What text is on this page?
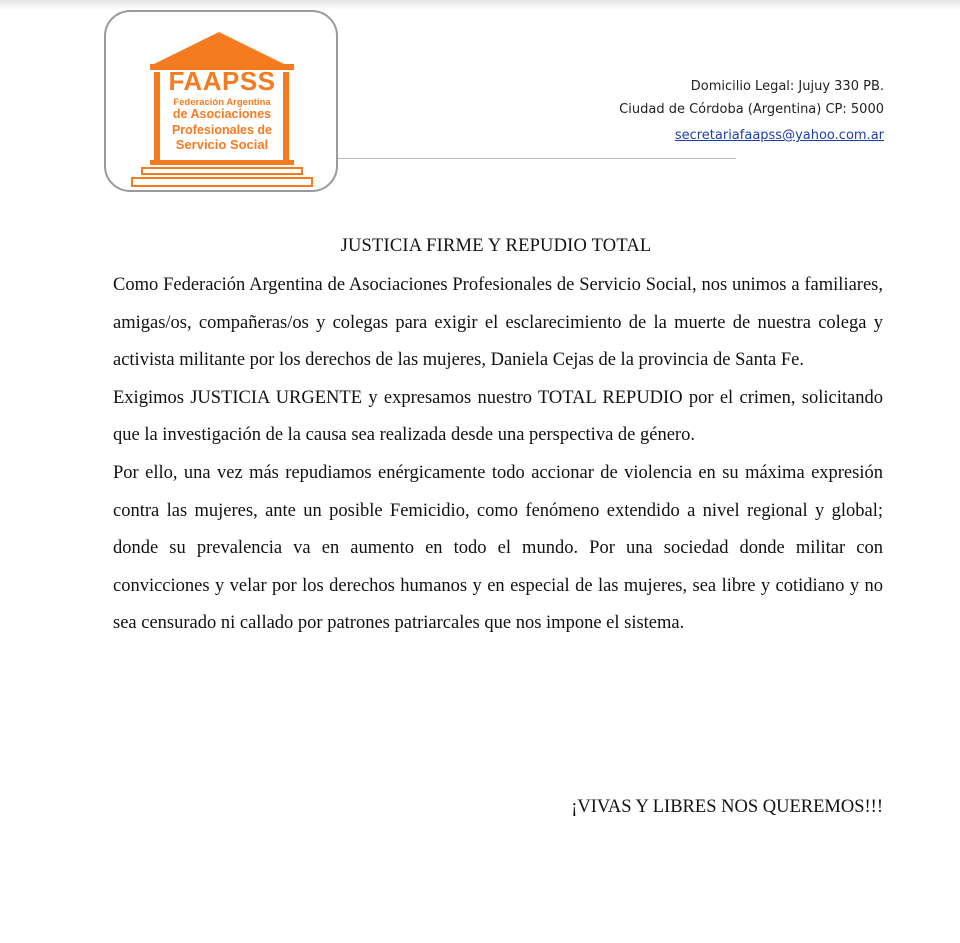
FAAPSS
Federación Argentina
de Asociaciones
Profesionales de
Servicio Social
Domicilio Legal: Jujuy 330 PB.
Ciudad de Córdoba (Argentina) CP: 5000
secretariafaapss@yahoo.com.ar
JUSTICIA FIRME Y REPUDIO TOTAL

Como Federación Argentina de Asociaciones Profesionales de Servicio Social, nos unimos a familiares, amigas/os, compañeras/os y colegas para exigir el esclarecimiento de la muerte de nuestra colega y activista militante por los derechos de las mujeres, Daniela Cejas de la provincia de Santa Fe.

Exigimos JUSTICIA URGENTE y expresamos nuestro TOTAL REPUDIO por el crimen, solicitando que la investigación de la causa sea realizada desde una perspectiva de género.

Por ello, una vez más repudiamos enérgicamente todo accionar de violencia en su máxima expresión contra las mujeres, ante un posible Femicidio, como fenómeno extendido a nivel regional y global; donde su prevalencia va en aumento en todo el mundo. Por una sociedad donde militar con convicciones y velar por los derechos humanos y en especial de las mujeres, sea libre y cotidiano y no sea censurado ni callado por patrones patriarcales que nos impone el sistema.

¡VIVAS Y LIBRES NOS QUEREMOS!!!
